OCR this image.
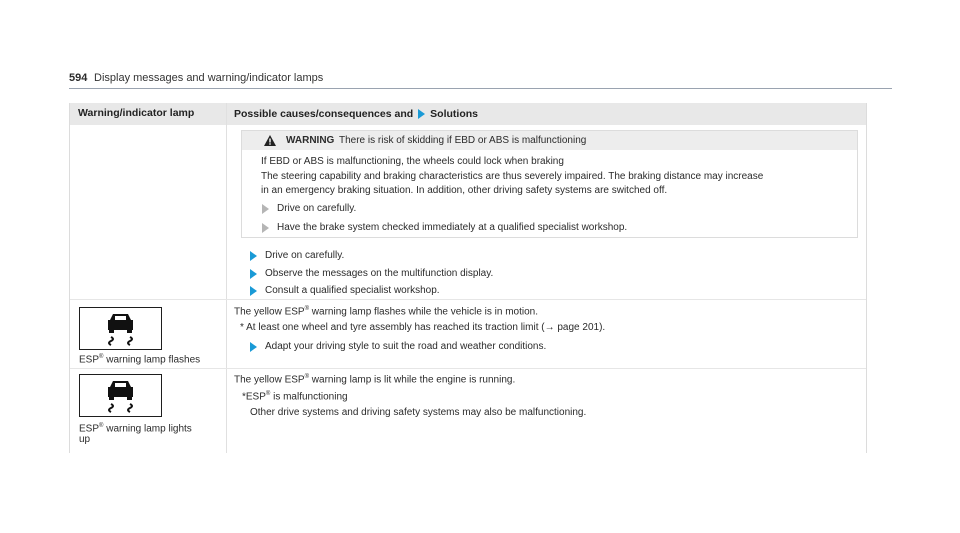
594 Display messages and warning/indicator lamps
Warning/indicator lamp	Possible causes/consequences and Solutions
WARNING There is risk of skidding if EBD or ABS is malfunctioning
If EBD or ABS is malfunctioning, the wheels could lock when braking
The steering capability and braking characteristics are thus severely impaired. The braking distance may increase
in an emergency braking situation. In addition, other driving safety systems are switched off.
Drive on carefully.
Have the brake system checked immediately at a qualified specialist workshop.
Drive on carefully.
Observe the messages on the multifunction display.
Consult a qualified specialist workshop.
ESP® warning lamp flashes
The yellow ESP® warning lamp flashes while the vehicle is in motion.
* At least one wheel and tyre assembly has reached its traction limit (→ page 201).
Adapt your driving style to suit the road and weather conditions.
ESP® warning lamp lights
up
The yellow ESP® warning lamp is lit while the engine is running.
*ESP® is malfunctioning
Other drive systems and driving safety systems may also be malfunctioning.
